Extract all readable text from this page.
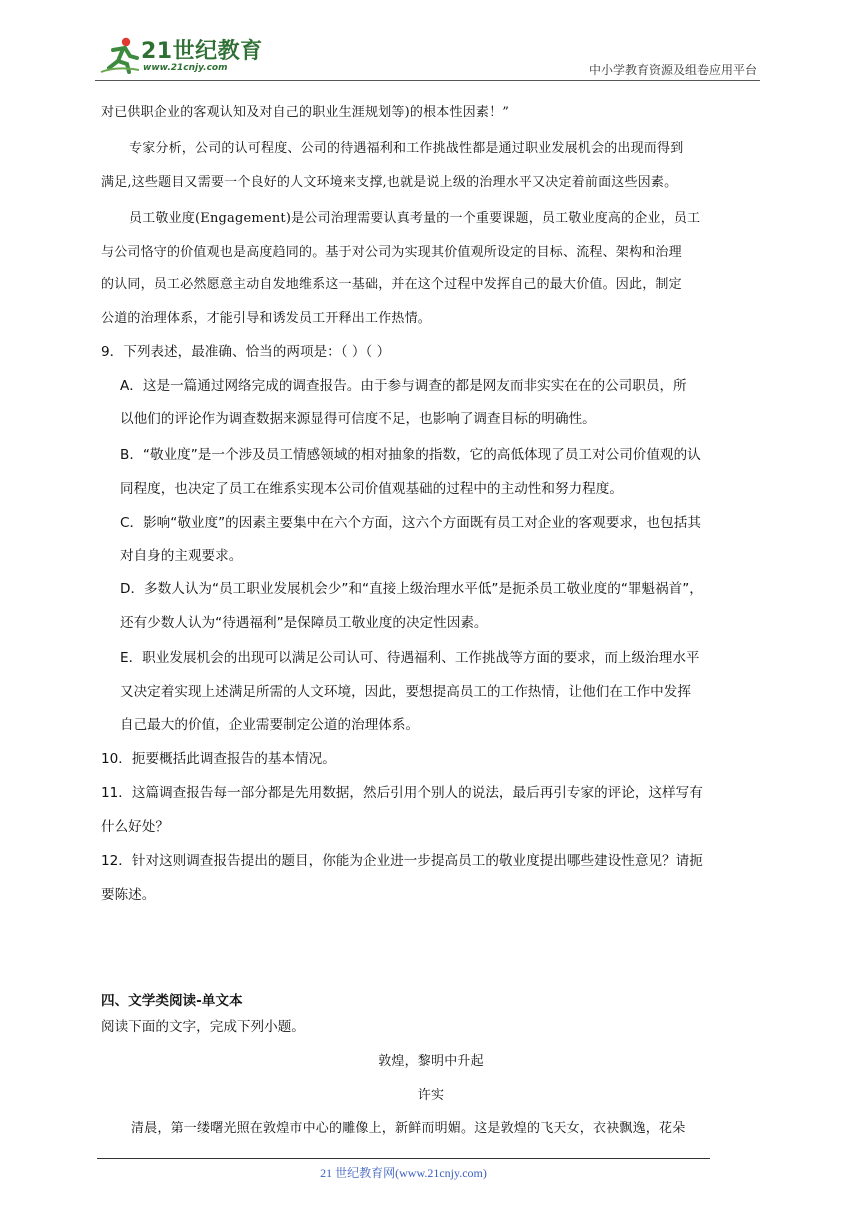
21世纪教育
www.21cnjy.com	中小学教育资源及组卷应用平台

对已供职企业的客观认知及对自己的职业生涯规划等)的根本性因素！”

专家分析，公司的认可程度、公司的待遇福利和工作挑战性都是通过职业发展机会的出现而得到

满足,这些题目又需要一个良好的人文环境来支撑,也就是说上级的治理水平又决定着前面这些因素。

员工敬业度(Engagement)是公司治理需要认真考量的一个重要课题，员工敬业度高的企业，员工

与公司恪守的价值观也是高度趋同的。基于对公司为实现其价值观所设定的目标、流程、架构和治理

的认同，员工必然愿意主动自发地维系这一基础，并在这个过程中发挥自己的最大价值。因此，制定

公道的治理体系，才能引导和诱发员工开释出工作热情。

9．下列表述，最准确、恰当的两项是：（ ）（ ）

A．这是一篇通过网络完成的调查报告。由于参与调查的都是网友而非实实在在的公司职员，所

以他们的评论作为调查数据来源显得可信度不足，也影响了调查目标的明确性。

B．“敬业度”是一个涉及员工情感领域的相对抽象的指数，它的高低体现了员工对公司价值观的认

同程度，也决定了员工在维系实现本公司价值观基础的过程中的主动性和努力程度。

C．影响“敬业度”的因素主要集中在六个方面，这六个方面既有员工对企业的客观要求，也包括其

对自身的主观要求。

D．多数人认为“员工职业发展机会少”和“直接上级治理水平低”是扼杀员工敬业度的“罪魁祸首”，

还有少数人认为“待遇福利”是保障员工敬业度的决定性因素。

E．职业发展机会的出现可以满足公司认可、待遇福利、工作挑战等方面的要求，而上级治理水平

又决定着实现上述满足所需的人文环境，因此，要想提高员工的工作热情，让他们在工作中发挥

自己最大的价值，企业需要制定公道的治理体系。

10．扼要概括此调查报告的基本情况。

11．这篇调查报告每一部分都是先用数据，然后引用个别人的说法，最后再引专家的评论，这样写有

什么好处？

12．针对这则调查报告提出的题目，你能为企业进一步提高员工的敬业度提出哪些建设性意见？请扼

要陈述。

四、文学类阅读-单文本

阅读下面的文字，完成下列小题。

敦煌，黎明中升起

许实

清晨，第一缕曙光照在敦煌市中心的雕像上，新鲜而明媚。这是敦煌的飞天女，衣袂飘逸，花朵

21 世纪教育网(www.21cnjy.com)
